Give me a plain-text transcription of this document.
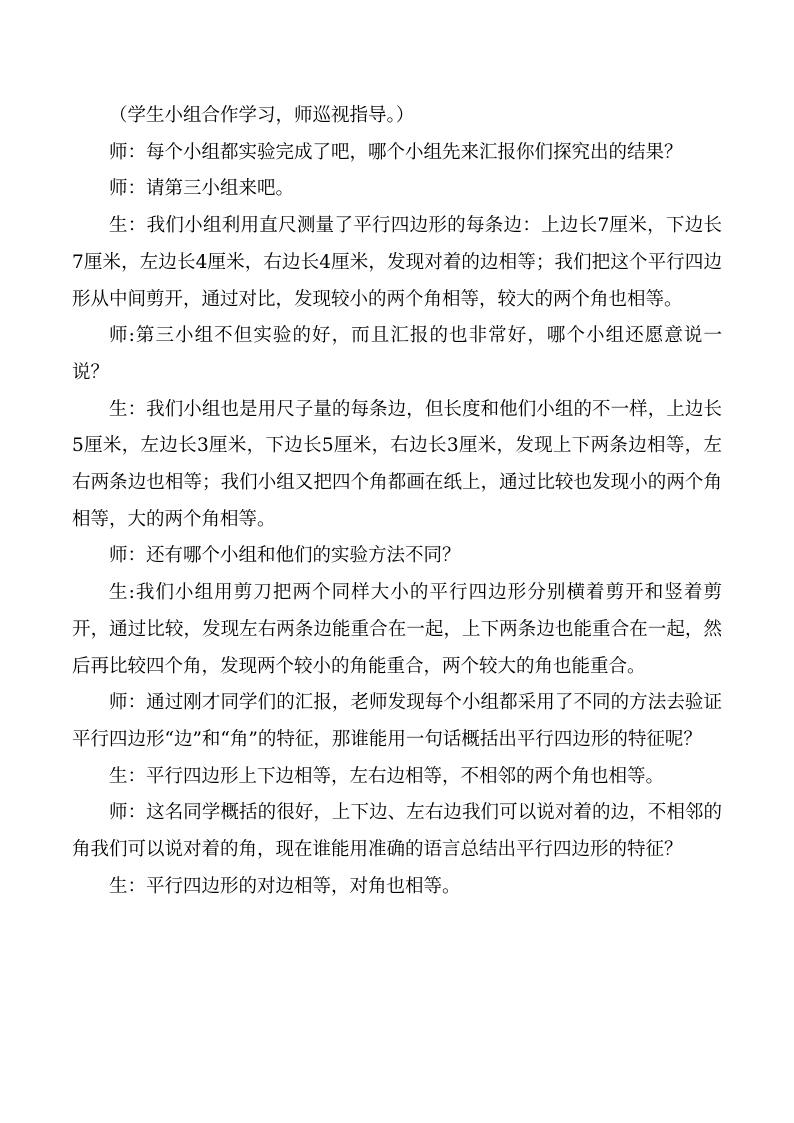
（学生小组合作学习，师巡视指导。）

师：每个小组都实验完成了吧，哪个小组先来汇报你们探究出的结果？

师：请第三小组来吧。

生：我们小组利用直尺测量了平行四边形的每条边：上边长7厘米，下边长7厘米，左边长4厘米，右边长4厘米，发现对着的边相等；我们把这个平行四边形从中间剪开，通过对比，发现较小的两个角相等，较大的两个角也相等。

师:第三小组不但实验的好，而且汇报的也非常好，哪个小组还愿意说一说？

生：我们小组也是用尺子量的每条边，但长度和他们小组的不一样，上边长5厘米，左边长3厘米，下边长5厘米，右边长3厘米，发现上下两条边相等，左右两条边也相等；我们小组又把四个角都画在纸上，通过比较也发现小的两个角相等，大的两个角相等。

师：还有哪个小组和他们的实验方法不同？

生:我们小组用剪刀把两个同样大小的平行四边形分别横着剪开和竖着剪开，通过比较，发现左右两条边能重合在一起，上下两条边也能重合在一起，然后再比较四个角，发现两个较小的角能重合，两个较大的角也能重合。

师：通过刚才同学们的汇报，老师发现每个小组都采用了不同的方法去验证平行四边形“边”和“角”的特征，那谁能用一句话概括出平行四边形的特征呢？

生：平行四边形上下边相等，左右边相等，不相邻的两个角也相等。

师：这名同学概括的很好，上下边、左右边我们可以说对着的边，不相邻的角我们可以说对着的角，现在谁能用准确的语言总结出平行四边形的特征？

生：平行四边形的对边相等，对角也相等。
